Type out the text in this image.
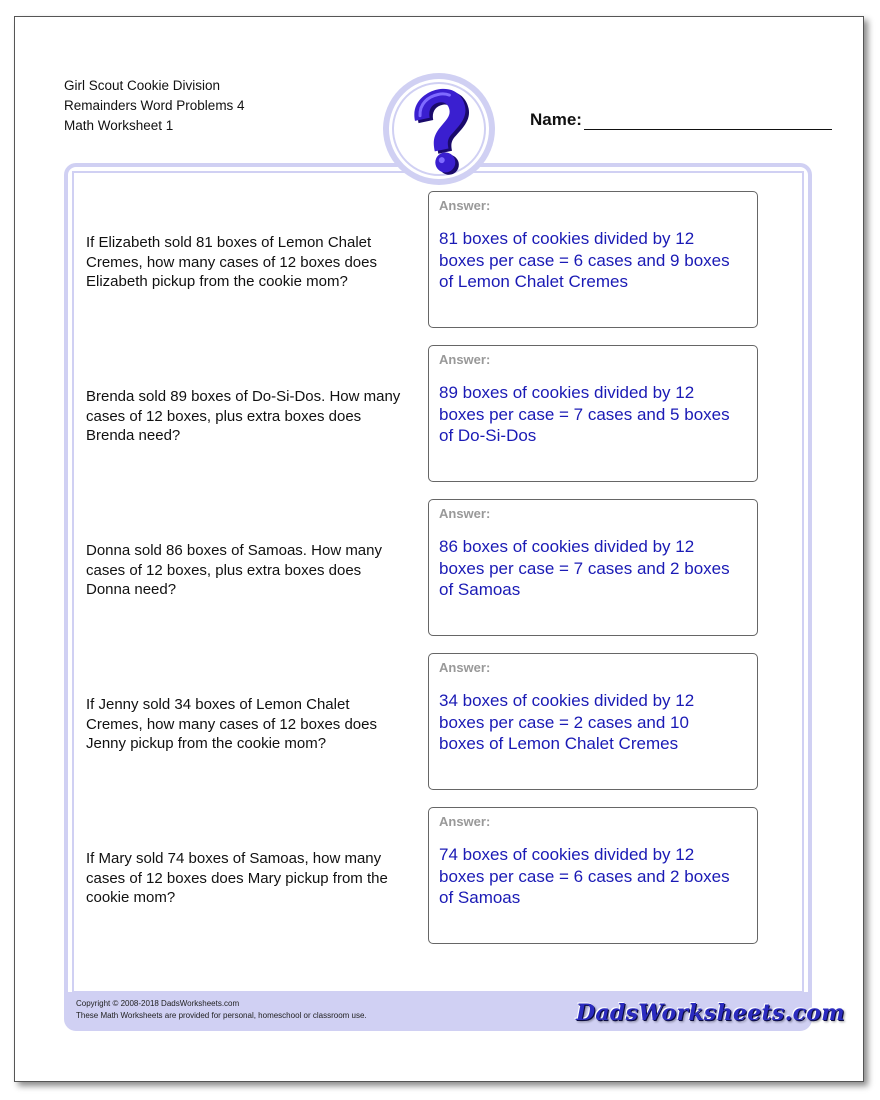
Girl Scout Cookie Division
Remainders Word Problems 4
Math Worksheet 1	Name:
Copyright © 2008-2018 DadsWorksheets.com
These Math Worksheets are provided for personal, homeschool or classroom use.	DadsWorksheets.com
If Elizabeth sold 81 boxes of Lemon Chalet Cremes, how many cases of 12 boxes does Elizabeth pickup from the cookie mom?
Answer:
81 boxes of cookies divided by 12 boxes per case = 6 cases and 9 boxes of Lemon Chalet Cremes
Brenda sold 89 boxes of Do-Si-Dos. How many cases of 12 boxes, plus extra boxes does Brenda need?
Answer:
89 boxes of cookies divided by 12 boxes per case = 7 cases and 5 boxes of Do-Si-Dos
Donna sold 86 boxes of Samoas. How many cases of 12 boxes, plus extra boxes does Donna need?
Answer:
86 boxes of cookies divided by 12 boxes per case = 7 cases and 2 boxes of Samoas
If Jenny sold 34 boxes of Lemon Chalet Cremes, how many cases of 12 boxes does Jenny pickup from the cookie mom?
Answer:
34 boxes of cookies divided by 12 boxes per case = 2 cases and 10 boxes of Lemon Chalet Cremes
If Mary sold 74 boxes of Samoas, how many cases of 12 boxes does Mary pickup from the cookie mom?
Answer:
74 boxes of cookies divided by 12 boxes per case = 6 cases and 2 boxes of Samoas
